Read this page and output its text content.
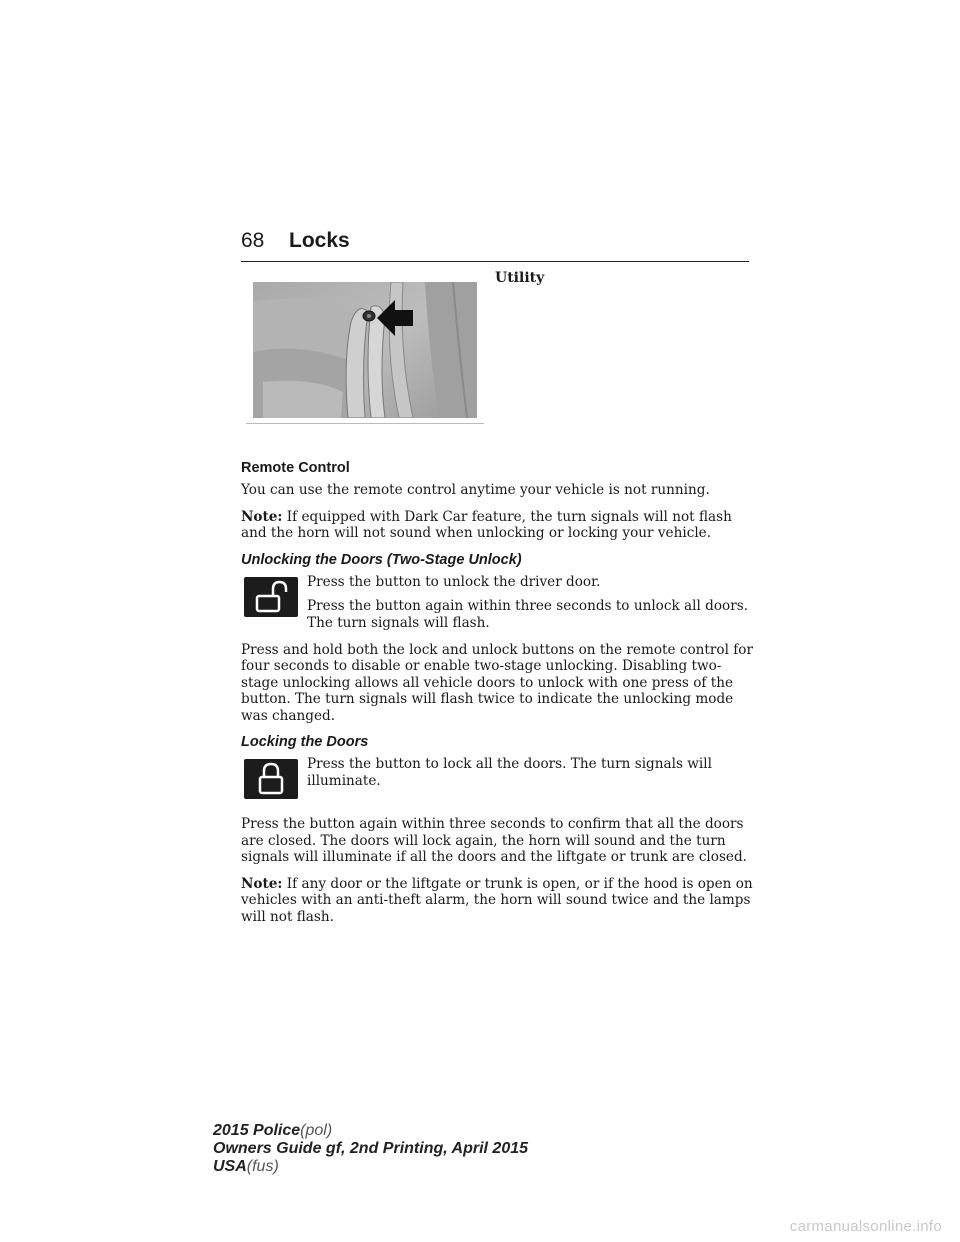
68 Locks
Utility
Remote Control

You can use the remote control anytime your vehicle is not running.

Note: If equipped with Dark Car feature, the turn signals will not flash and the horn will not sound when unlocking or locking your vehicle.

Unlocking the Doors (Two-Stage Unlock)

Press the button to unlock the driver door.

Press the button again within three seconds to unlock all doors. The turn signals will flash.

Press and hold both the lock and unlock buttons on the remote control for four seconds to disable or enable two-stage unlocking. Disabling two-stage unlocking allows all vehicle doors to unlock with one press of the button. The turn signals will flash twice to indicate the unlocking mode was changed.

Locking the Doors

Press the button to lock all the doors. The turn signals will illuminate.

Press the button again within three seconds to confirm that all the doors are closed. The doors will lock again, the horn will sound and the turn signals will illuminate if all the doors and the liftgate or trunk are closed.

Note: If any door or the liftgate or trunk is open, or if the hood is open on vehicles with an anti-theft alarm, the horn will sound twice and the lamps will not flash.

2015 Police(pol)
Owners Guide gf, 2nd Printing, April 2015
USA(fus)
carmanualsonline.info
